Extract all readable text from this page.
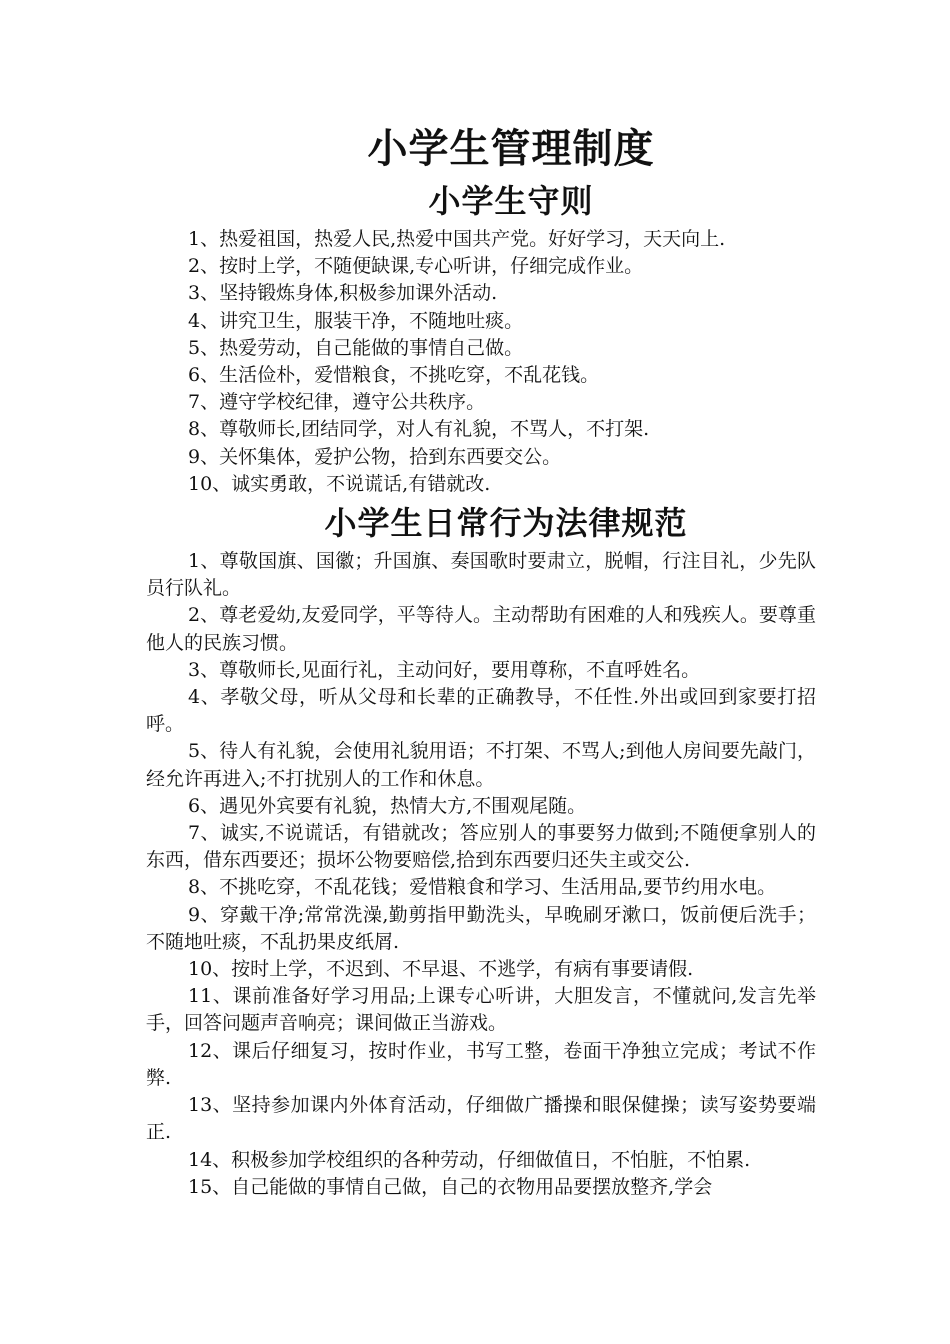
小学生管理制度
小学生守则

1、热爱祖国，热爱人民,热爱中国共产党。好好学习，天天向上.

2、按时上学，不随便缺课,专心听讲，仔细完成作业。

3、坚持锻炼身体,积极参加课外活动.

4、讲究卫生，服装干净，不随地吐痰。

5、热爱劳动，自己能做的事情自己做。

6、生活俭朴，爱惜粮食，不挑吃穿，不乱花钱。

7、遵守学校纪律，遵守公共秩序。

8、尊敬师长,团结同学，对人有礼貌，不骂人，不打架.

9、关怀集体，爱护公物，拾到东西要交公。

10、诚实勇敢，不说谎话,有错就改.

小学生日常行为法律规范

1、尊敬国旗、国徽；升国旗、奏国歌时要肃立，脱帽，行注目礼，少先队员行队礼。

2、尊老爱幼,友爱同学，平等待人。主动帮助有困难的人和残疾人。要尊重他人的民族习惯。

3、尊敬师长,见面行礼，主动问好，要用尊称，不直呼姓名。

4、孝敬父母，听从父母和长辈的正确教导，不任性.外出或回到家要打招呼。

5、待人有礼貌，会使用礼貌用语；不打架、不骂人;到他人房间要先敲门，经允许再进入;不打扰别人的工作和休息。

6、遇见外宾要有礼貌，热情大方,不围观尾随。

7、诚实,不说谎话，有错就改；答应别人的事要努力做到;不随便拿别人的东西，借东西要还；损坏公物要赔偿,拾到东西要归还失主或交公.

8、不挑吃穿，不乱花钱；爱惜粮食和学习、生活用品,要节约用水电。

9、穿戴干净;常常洗澡,勤剪指甲勤洗头，早晚刷牙漱口，饭前便后洗手；不随地吐痰，不乱扔果皮纸屑.

10、按时上学，不迟到、不早退、不逃学，有病有事要请假.

11、课前准备好学习用品;上课专心听讲，大胆发言，不懂就问,发言先举手，回答问题声音响亮；课间做正当游戏。

12、课后仔细复习，按时作业，书写工整，卷面干净独立完成；考试不作弊.

13、坚持参加课内外体育活动，仔细做广播操和眼保健操；读写姿势要端正.

14、积极参加学校组织的各种劳动，仔细做值日，不怕脏，不怕累.

15、自己能做的事情自己做，自己的衣物用品要摆放整齐,学会
